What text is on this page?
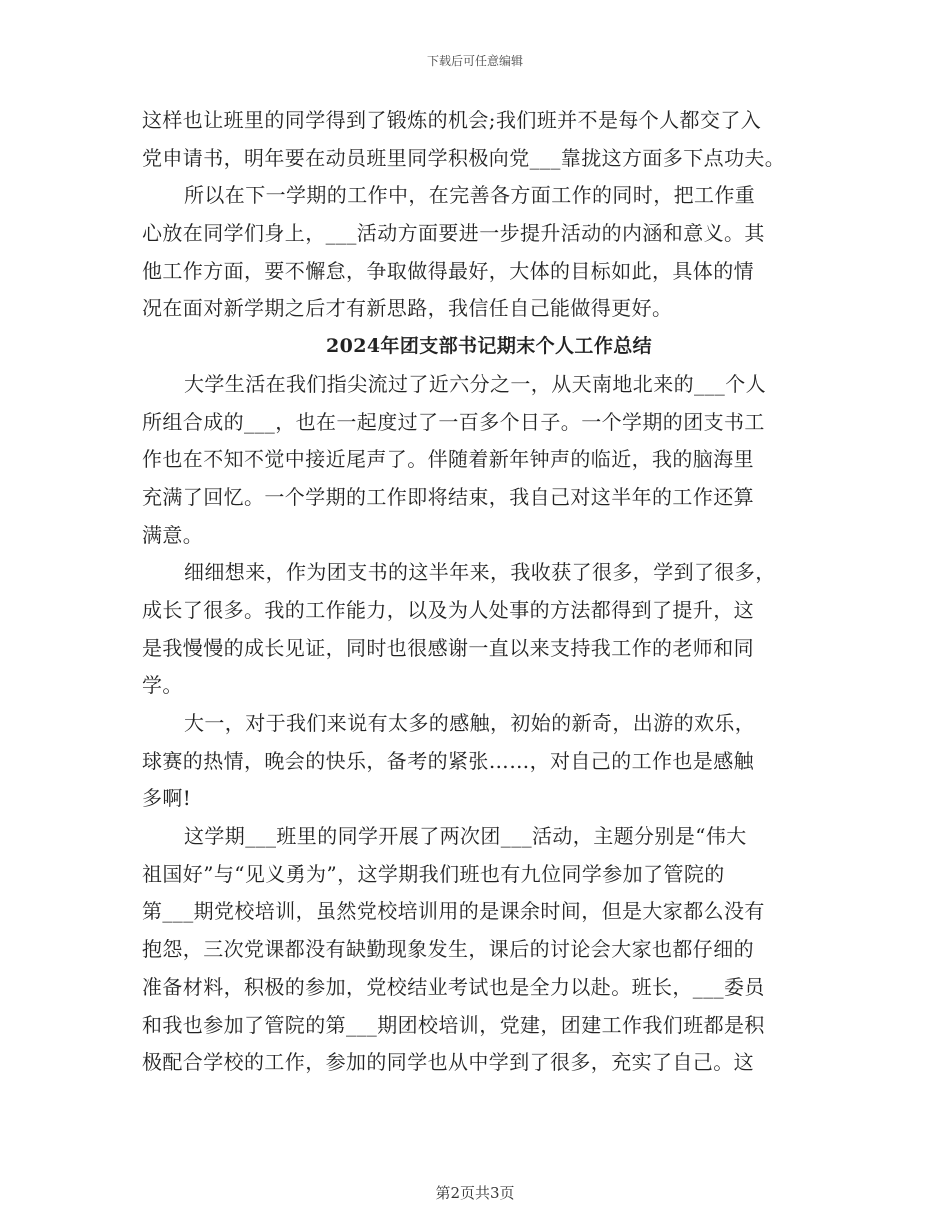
下载后可任意编辑
这样也让班里的同学得到了锻炼的机会;我们班并不是每个人都交了入
党申请书，明年要在动员班里同学积极向党___靠拢这方面多下点功夫。
所以在下一学期的工作中，在完善各方面工作的同时，把工作重
心放在同学们身上，___活动方面要进一步提升活动的内涵和意义。其
他工作方面，要不懈怠，争取做得最好，大体的目标如此，具体的情
况在面对新学期之后才有新思路，我信任自己能做得更好。
2024年团支部书记期末个人工作总结
大学生活在我们指尖流过了近六分之一，从天南地北来的___个人
所组合成的___，也在一起度过了一百多个日子。一个学期的团支书工
作也在不知不觉中接近尾声了。伴随着新年钟声的临近，我的脑海里
充满了回忆。一个学期的工作即将结束，我自己对这半年的工作还算
满意。
细细想来，作为团支书的这半年来，我收获了很多，学到了很多，
成长了很多。我的工作能力，以及为人处事的方法都得到了提升，这
是我慢慢的成长见证，同时也很感谢一直以来支持我工作的老师和同
学。
大一，对于我们来说有太多的感触，初始的新奇，出游的欢乐，
球赛的热情，晚会的快乐，备考的紧张……，对自己的工作也是感触
多啊!
这学期___班里的同学开展了两次团___活动，主题分别是“伟大
祖国好”与“见义勇为”，这学期我们班也有九位同学参加了管院的
第___期党校培训，虽然党校培训用的是课余时间，但是大家都么没有
抱怨，三次党课都没有缺勤现象发生，课后的讨论会大家也都仔细的
准备材料，积极的参加，党校结业考试也是全力以赴。班长，___委员
和我也参加了管院的第___期团校培训，党建，团建工作我们班都是积
极配合学校的工作，参加的同学也从中学到了很多，充实了自己。这
第2页共3页
